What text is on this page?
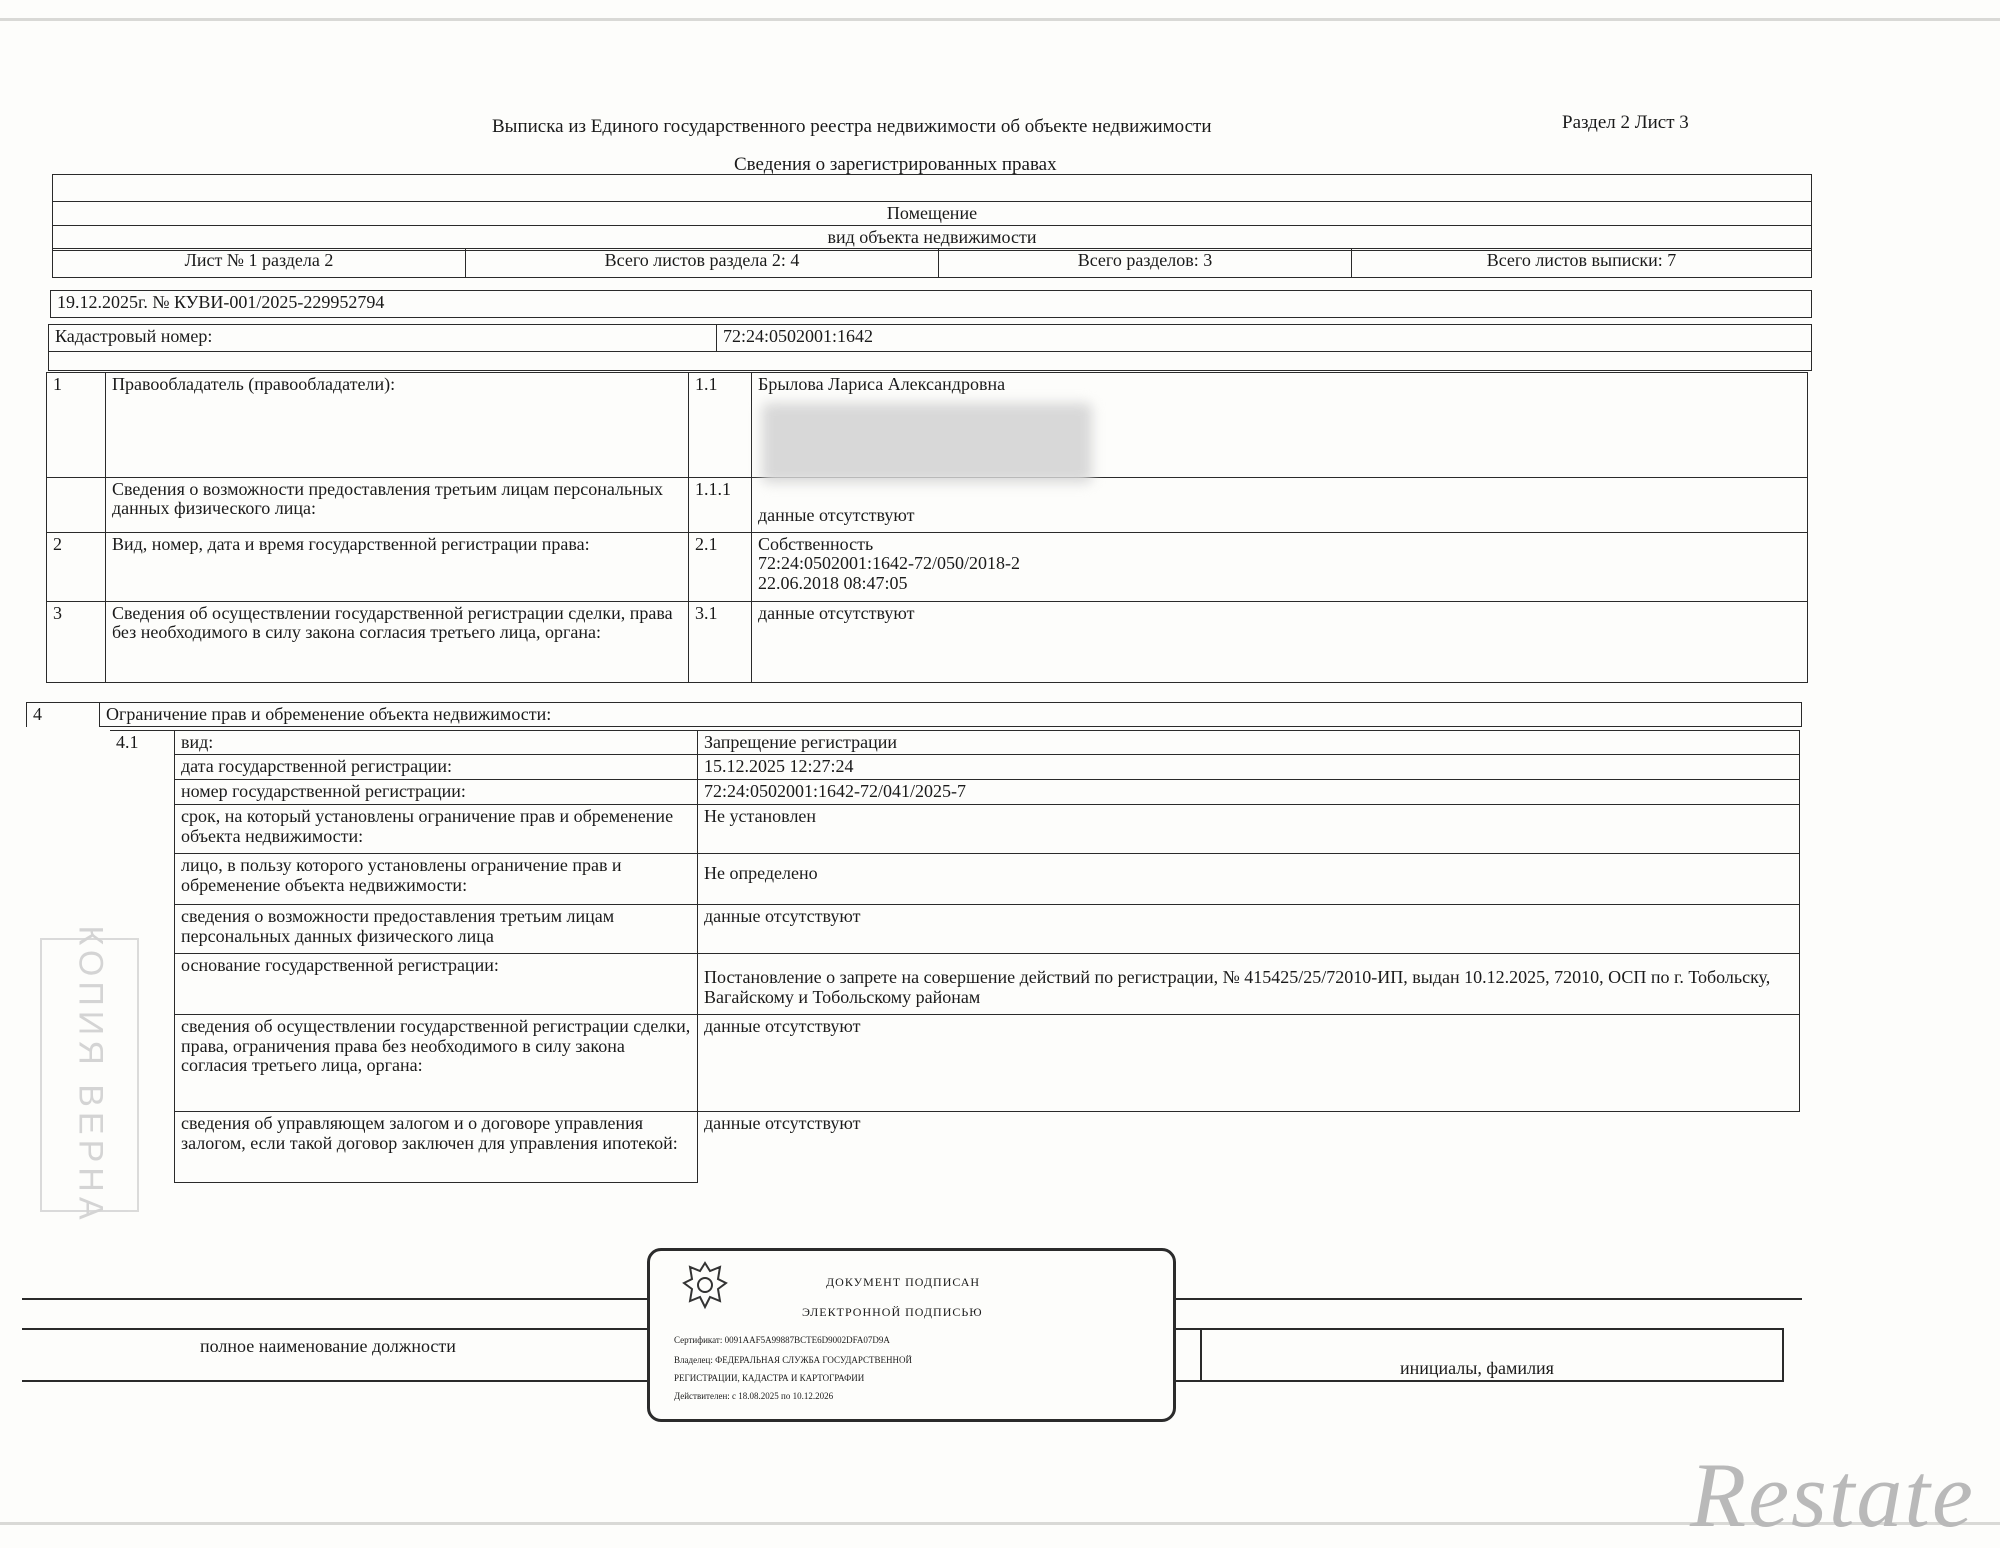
Выписка из Единого государственного реестра недвижимости об объекте недвижимости	Раздел 2 Лист 3
Сведения о зарегистрированных правах

Помещение
вид объекта недвижимости
Лист № 1 раздела 2	Всего листов раздела 2: 4	Всего разделов: 3	Всего листов выписки: 7
19.12.2025г. № КУВИ-001/2025-229952794
Кадастровый номер:	72:24:0502001:1642

1	Правообладатель (правообладатели):	1.1	Брылова Лариса Александровна

	Сведения о возможности предоставления третьим лицам персональных данных физического лица:	1.1.1	данные отсутствуют
2	Вид, номер, дата и время государственной регистрации права:	2.1	Собственность
72:24:0502001:1642-72/050/2018-2
22.06.2018 08:47:05

3	Сведения об осуществлении государственной регистрации сделки, права без необходимого в силу закона согласия третьего лица, органа:	3.1	данные отсутствуют
4	Ограничение прав и обременение объекта недвижимости:
4.1	вид:	Запрещение регистрации
	дата государственной регистрации:	15.12.2025 12:27:24
	номер государственной регистрации:	72:24:0502001:1642-72/041/2025-7
	срок, на который установлены ограничение прав и обременение объекта недвижимости:	Не установлен
	лицо, в пользу которого установлены ограничение прав и обременение объекта недвижимости:	Не определено
	сведения о возможности предоставления третьим лицам персональных данных физического лица	данные отсутствуют
	основание государственной регистрации:	Постановление о запрете на совершение действий по регистрации, № 415425/25/72010-ИП, выдан 10.12.2025, 72010, ОСП по г. Тобольску, Вагайскому и Тобольскому районам
	сведения об осуществлении государственной регистрации сделки, права, ограничения права без необходимого в силу закона согласия третьего лица, органа:	данные отсутствуют
	сведения об управляющем залогом и о договоре управления залогом, если такой договор заключен для управления ипотекой:	данные отсутствуют
КОПИЯ ВЕРНА
полное наименование должности
инициалы, фамилия
ДОКУМЕНТ ПОДПИСАН
ЭЛЕКТРОННОЙ ПОДПИСЬЮ
Сертификат: 0091AAF5A99887BCTE6D9002DFA07D9A
Владелец: ФЕДЕРАЛЬНАЯ СЛУЖБА ГОСУДАРСТВЕННОЙ
РЕГИСТРАЦИИ, КАДАСТРА И КАРТОГРАФИИ
Действителен: с 18.08.2025 по 10.12.2026
Restate
